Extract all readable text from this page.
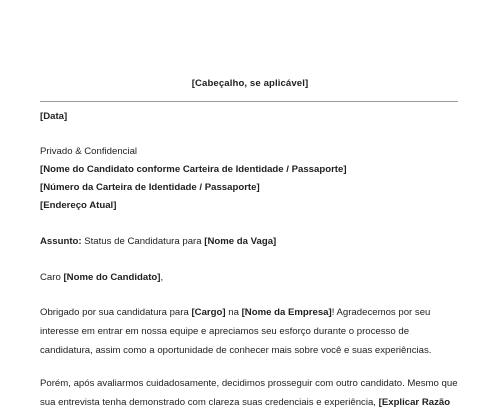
[Cabeçalho, se aplicável]
[Data]
Privado & Confidencial
[Nome do Candidato conforme Carteira de Identidade / Passaporte]
[Número da Carteira de Identidade / Passaporte]
[Endereço Atual]
Assunto: Status de Candidatura para [Nome da Vaga]
Caro [Nome do Candidato],
Obrigado por sua candidatura para [Cargo] na [Nome da Empresa]! Agradecemos por seu
interesse em entrar em nossa equipe e apreciamos seu esforço durante o processo de
candidatura, assim como a oportunidade de conhecer mais sobre você e suas experiências.
Porém, após avaliarmos cuidadosamente, decidimos prosseguir com outro candidato. Mesmo que
sua entrevista tenha demonstrado com clareza suas credenciais e experiência, [Explicar Razão
